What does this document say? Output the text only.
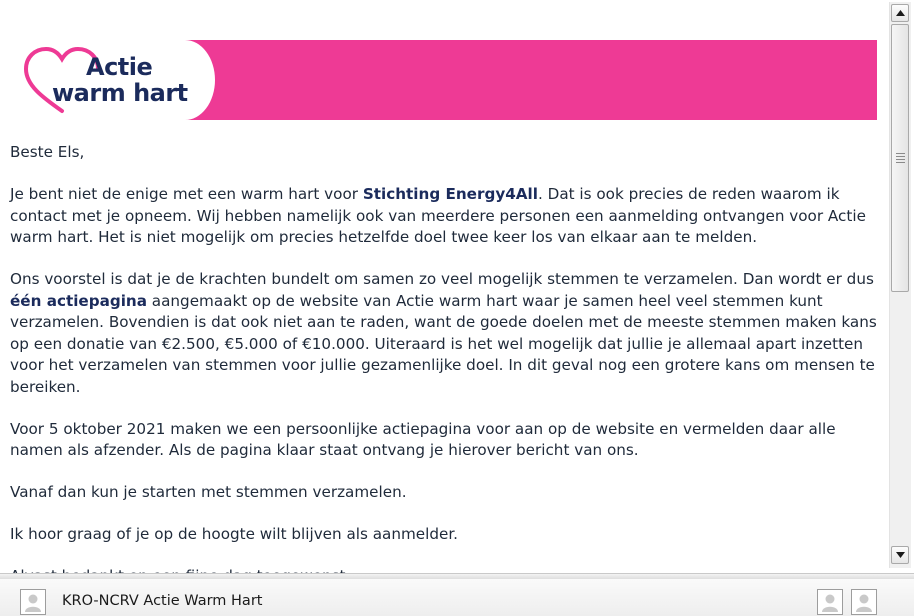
Actie
warm hart

Beste Els,

Je bent niet de enige met een warm hart voor Stichting Energy4All. Dat is ook precies de reden waarom ik contact met je opneem. Wij hebben namelijk ook van meerdere personen een aanmelding ontvangen voor Actie warm hart. Het is niet mogelijk om precies hetzelfde doel twee keer los van elkaar aan te melden.

Ons voorstel is dat je de krachten bundelt om samen zo veel mogelijk stemmen te verzamelen. Dan wordt er dus één actiepagina aangemaakt op de website van Actie warm hart waar je samen heel veel stemmen kunt verzamelen. Bovendien is dat ook niet aan te raden, want de goede doelen met de meeste stemmen maken kans op een donatie van €2.500, €5.000 of €10.000. Uiteraard is het wel mogelijk dat jullie je allemaal apart inzetten voor het verzamelen van stemmen voor jullie gezamenlijke doel. In dit geval nog een grotere kans om mensen te bereiken.

Voor 5 oktober 2021 maken we een persoonlijke actiepagina voor aan op de website en vermelden daar alle namen als afzender. Als de pagina klaar staat ontvang je hierover bericht van ons.

Vanaf dan kun je starten met stemmen verzamelen.

Ik hoor graag of je op de hoogte wilt blijven als aanmelder.

KRO-NCRV Actie Warm Hart
